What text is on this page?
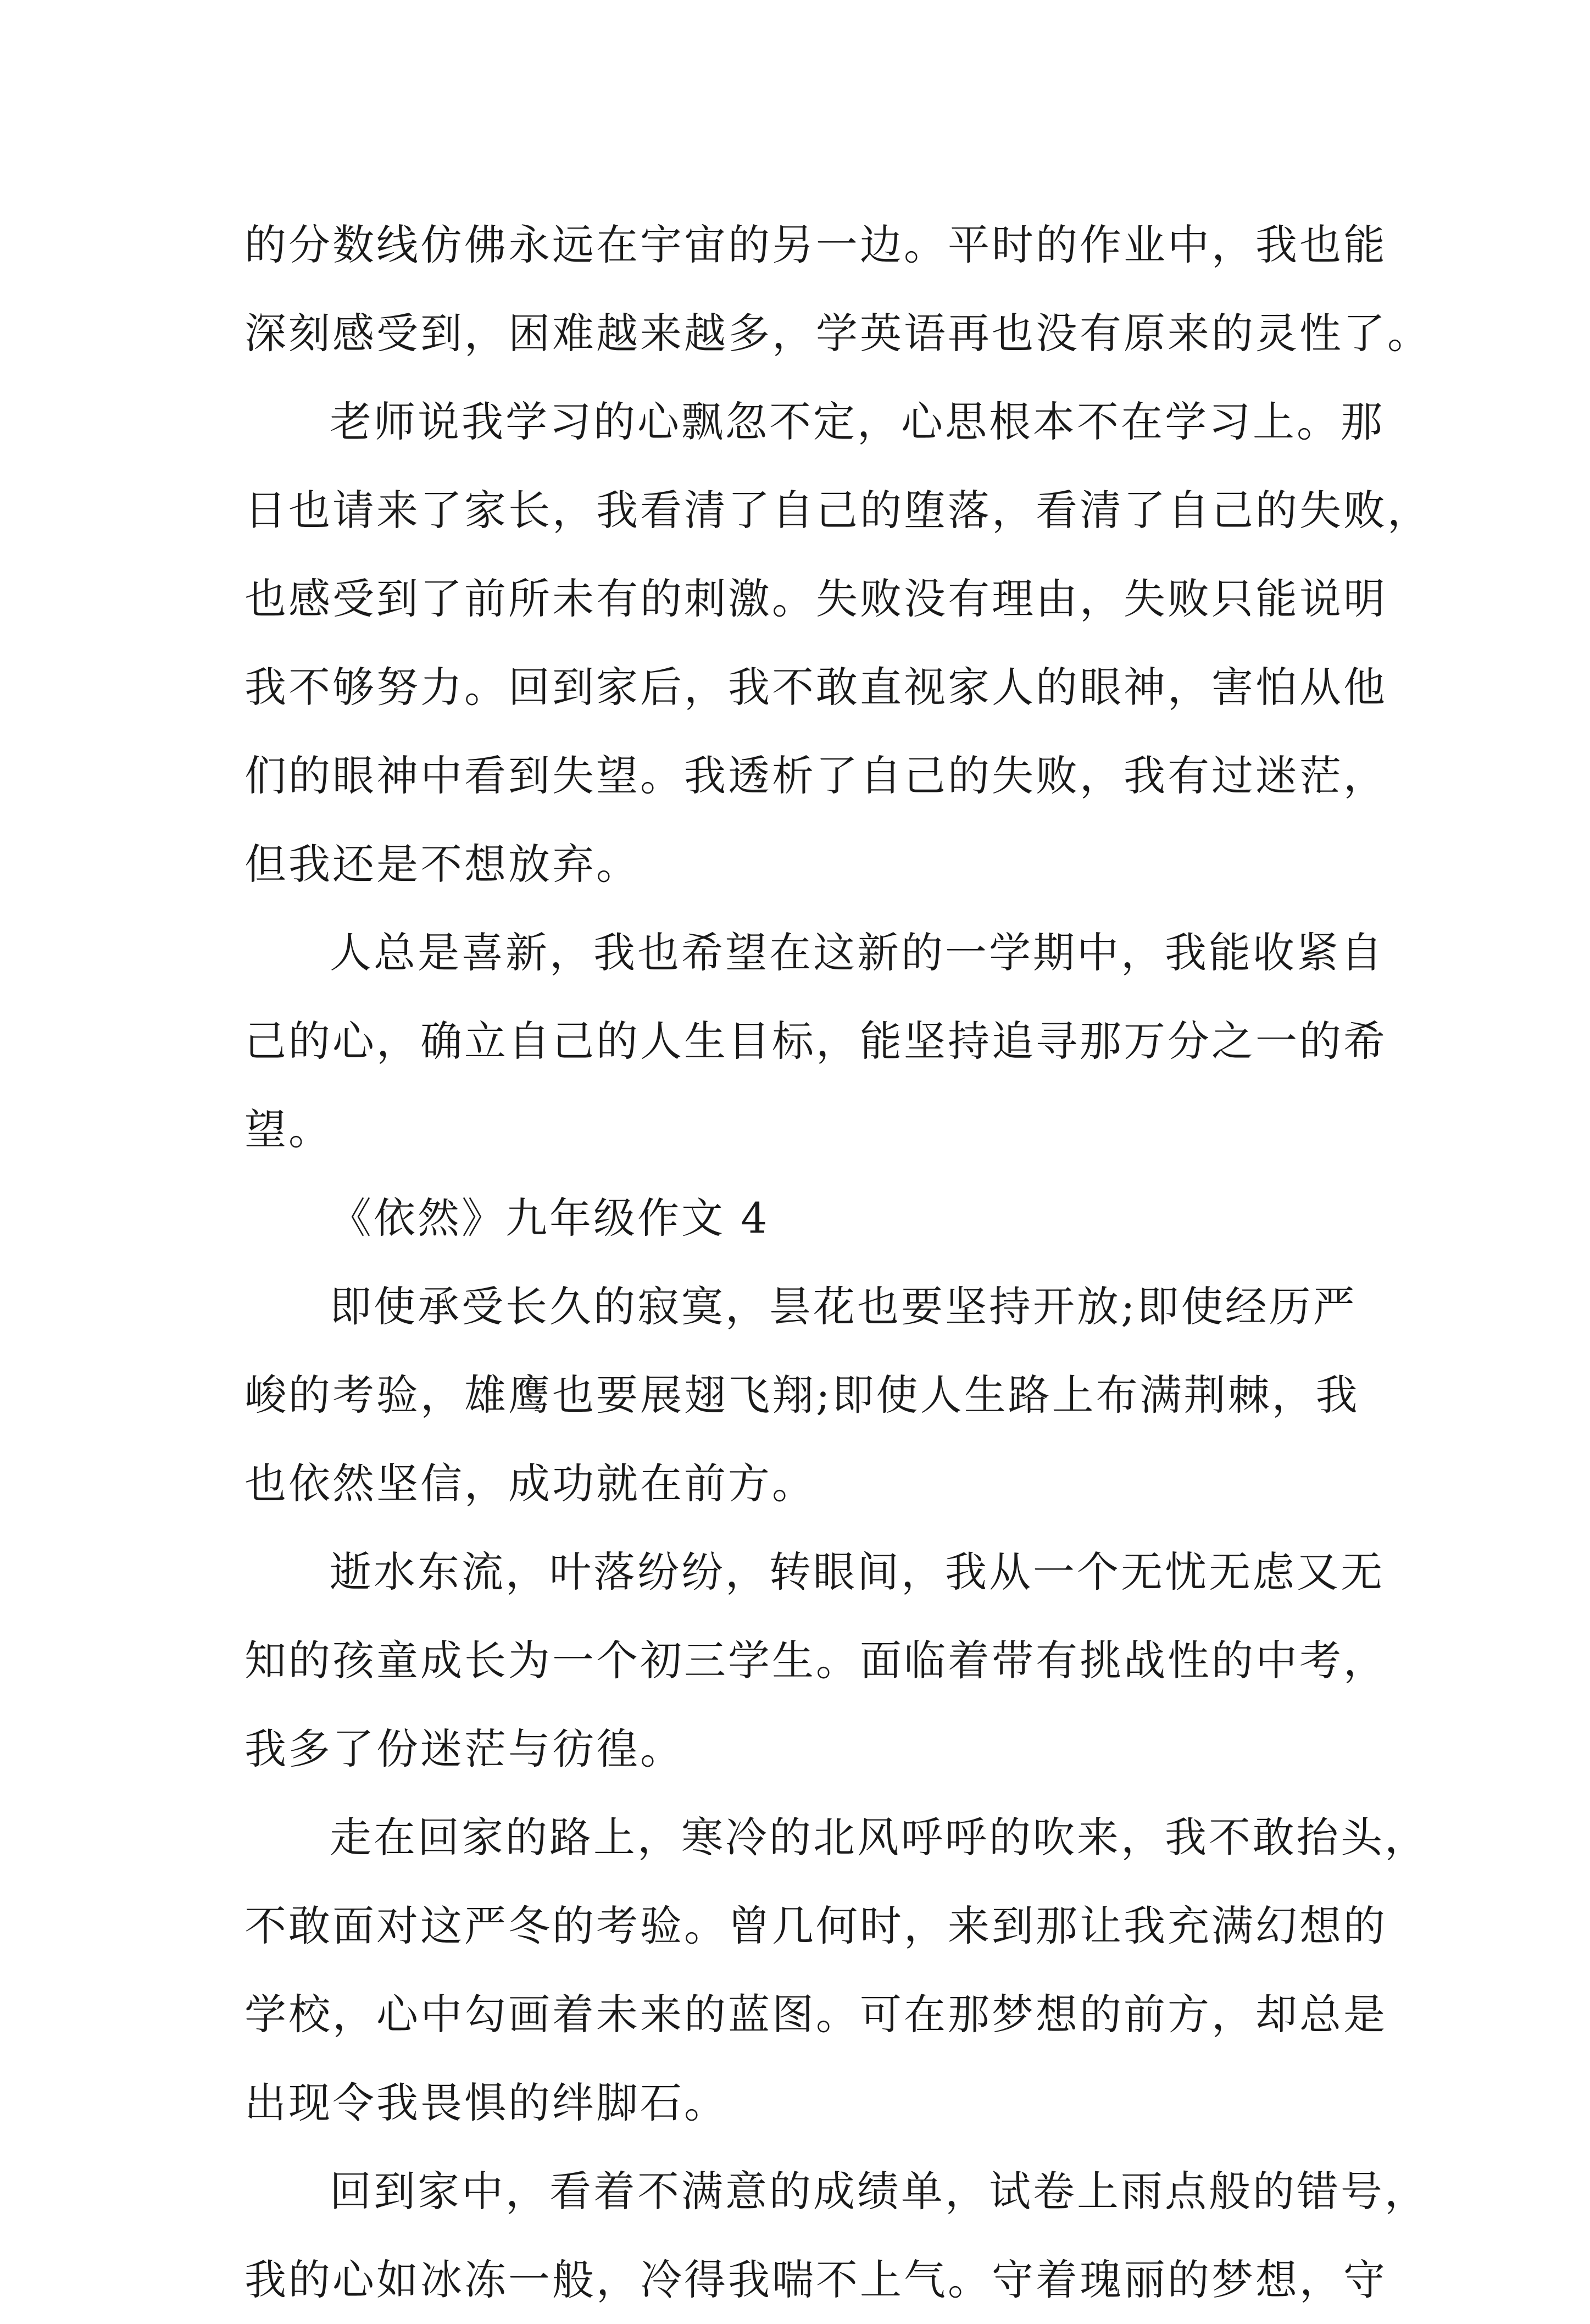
的分数线仿佛永远在宇宙的另一边。平时的作业中，我也能
深刻感受到，困难越来越多，学英语再也没有原来的灵性了。
老师说我学习的心飘忽不定，心思根本不在学习上。那
日也请来了家长，我看清了自己的堕落，看清了自己的失败，
也感受到了前所未有的刺激。失败没有理由，失败只能说明
我不够努力。回到家后，我不敢直视家人的眼神，害怕从他
们的眼神中看到失望。我透析了自己的失败，我有过迷茫，
但我还是不想放弃。
人总是喜新，我也希望在这新的一学期中，我能收紧自
己的心，确立自己的人生目标，能坚持追寻那万分之一的希
望。
《依然》九年级作文 4
即使承受长久的寂寞，昙花也要坚持开放;即使经历严
峻的考验，雄鹰也要展翅飞翔;即使人生路上布满荆棘，我
也依然坚信，成功就在前方。
逝水东流，叶落纷纷，转眼间，我从一个无忧无虑又无
知的孩童成长为一个初三学生。面临着带有挑战性的中考，
我多了份迷茫与彷徨。
走在回家的路上，寒冷的北风呼呼的吹来，我不敢抬头，
不敢面对这严冬的考验。曾几何时，来到那让我充满幻想的
学校，心中勾画着未来的蓝图。可在那梦想的前方，却总是
出现令我畏惧的绊脚石。
回到家中，看着不满意的成绩单，试卷上雨点般的错号，
我的心如冰冻一般，冷得我喘不上气。守着瑰丽的梦想，守
